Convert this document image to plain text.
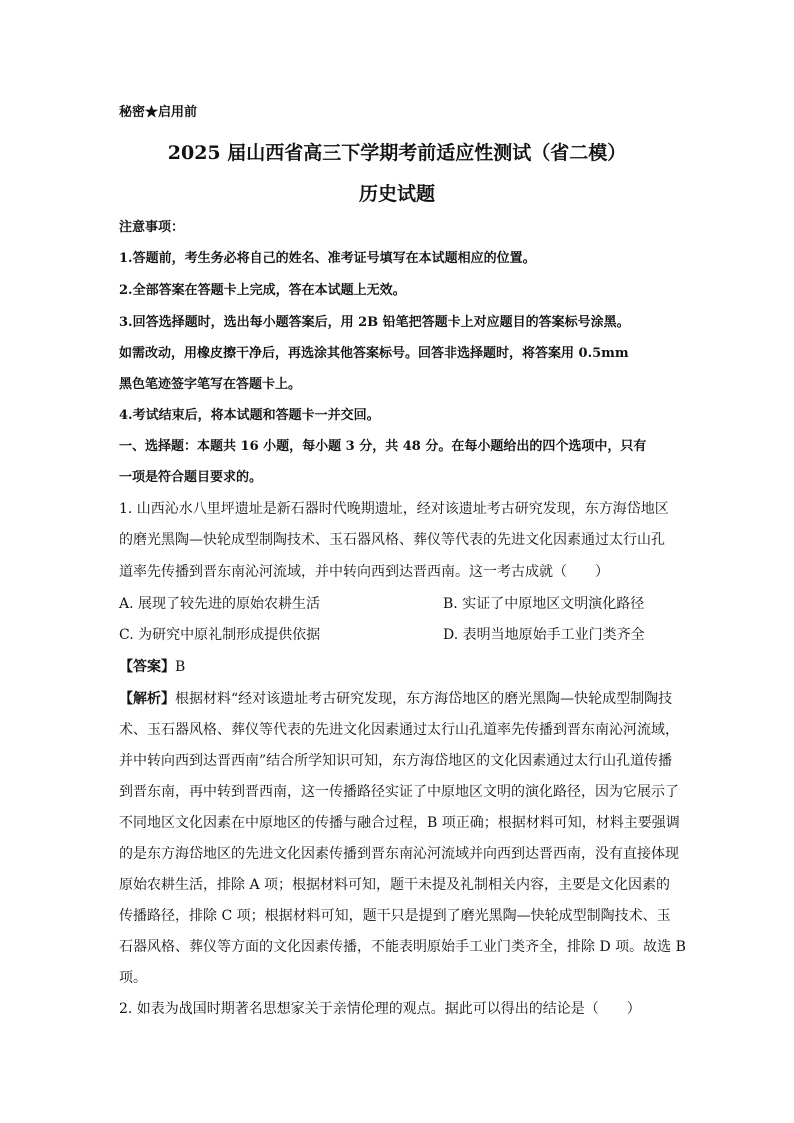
秘密★启用前
2025 届山西省高三下学期考前适应性测试（省二模）
历史试题
注意事项：
1.答题前，考生务必将自己的姓名、准考证号填写在本试题相应的位置。
2.全部答案在答题卡上完成，答在本试题上无效。
3.回答选择题时，选出每小题答案后，用 2B 铅笔把答题卡上对应题目的答案标号涂黑。
如需改动，用橡皮擦干净后，再选涂其他答案标号。回答非选择题时，将答案用 0.5mm
黑色笔迹签字笔写在答题卡上。
4.考试结束后，将本试题和答题卡一并交回。
一、选择题：本题共 16 小题，每小题 3 分，共 48 分。在每小题给出的四个选项中，只有
一项是符合题目要求的。
1. 山西沁水八里坪遗址是新石器时代晚期遗址，经对该遗址考古研究发现，东方海岱地区
的磨光黑陶—快轮成型制陶技术、玉石器风格、葬仪等代表的先进文化因素通过太行山孔
道率先传播到晋东南沁河流域，并中转向西到达晋西南。这一考古成就（　　）
A. 展现了较先进的原始农耕生活	B. 实证了中原地区文明演化路径
C. 为研究中原礼制形成提供依据	D. 表明当地原始手工业门类齐全
【答案】B
【解析】根据材料“经对该遗址考古研究发现，东方海岱地区的磨光黑陶—快轮成型制陶技
术、玉石器风格、葬仪等代表的先进文化因素通过太行山孔道率先传播到晋东南沁河流域，
并中转向西到达晋西南”结合所学知识可知，东方海岱地区的文化因素通过太行山孔道传播
到晋东南，再中转到晋西南，这一传播路径实证了中原地区文明的演化路径，因为它展示了
不同地区文化因素在中原地区的传播与融合过程，B 项正确；根据材料可知，材料主要强调
的是东方海岱地区的先进文化因素传播到晋东南沁河流域并向西到达晋西南，没有直接体现
原始农耕生活，排除 A 项；根据材料可知，题干未提及礼制相关内容，主要是文化因素的
传播路径，排除 C 项；根据材料可知，题干只是提到了磨光黑陶—快轮成型制陶技术、玉
石器风格、葬仪等方面的文化因素传播，不能表明原始手工业门类齐全，排除 D 项。故选 B
项。
2. 如表为战国时期著名思想家关于亲情伦理的观点。据此可以得出的结论是（　　）
